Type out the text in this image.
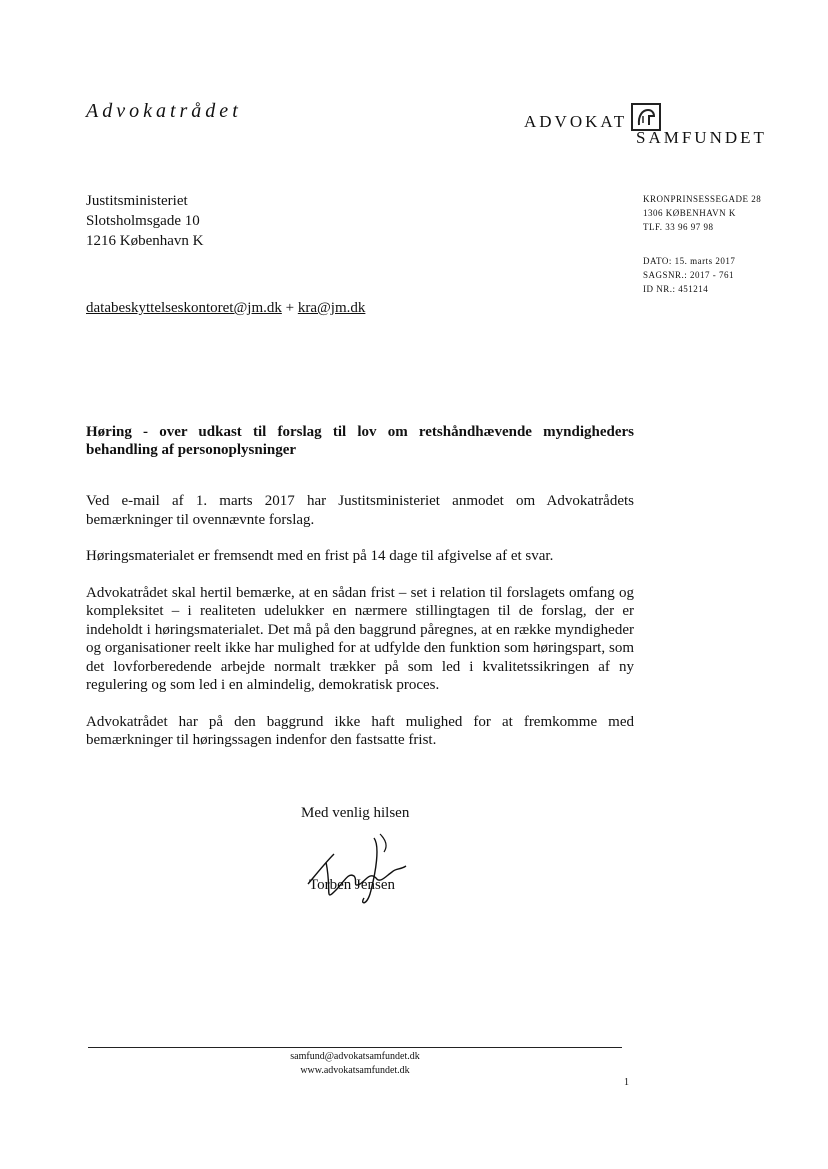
Advokatrådet	ADVOKAT
SAMFUNDET
Justitsministeriet
Slotsholmsgade 10
1216 København K
KRONPRINSESSEGADE 28
1306 KØBENHAVN K
TLF. 33 96 97 98
DATO: 15. marts 2017
SAGSNR.: 2017 - 761
ID NR.: 451214
databeskyttelseskontoret@jm.dk + kra@jm.dk
Høring - over udkast til forslag til lov om retshåndhævende myndigheders behandling af personoplysninger

Ved e-mail af 1. marts 2017 har Justitsministeriet anmodet om Advokatrådets bemærkninger til ovennævnte forslag.

Høringsmaterialet er fremsendt med en frist på 14 dage til afgivelse af et svar.

Advokatrådet skal hertil bemærke, at en sådan frist – set i relation til forslagets omfang og kompleksitet – i realiteten udelukker en nærmere stillingtagen til de forslag, der er indeholdt i høringsmaterialet. Det må på den baggrund påregnes, at en række myndigheder og organisationer reelt ikke har mulighed for at udfylde den funktion som høringspart, som det lovforberedende arbejde normalt trækker på som led i kvalitetssikringen af ny regulering og som led i en almindelig, demokratisk proces.

Advokatrådet har på den baggrund ikke haft mulighed for at fremkomme med bemærkninger til høringssagen indenfor den fastsatte frist.

Med venlig hilsen
Torben Jensen
samfund@advokatsamfundet.dk
www.advokatsamfundet.dk
1
